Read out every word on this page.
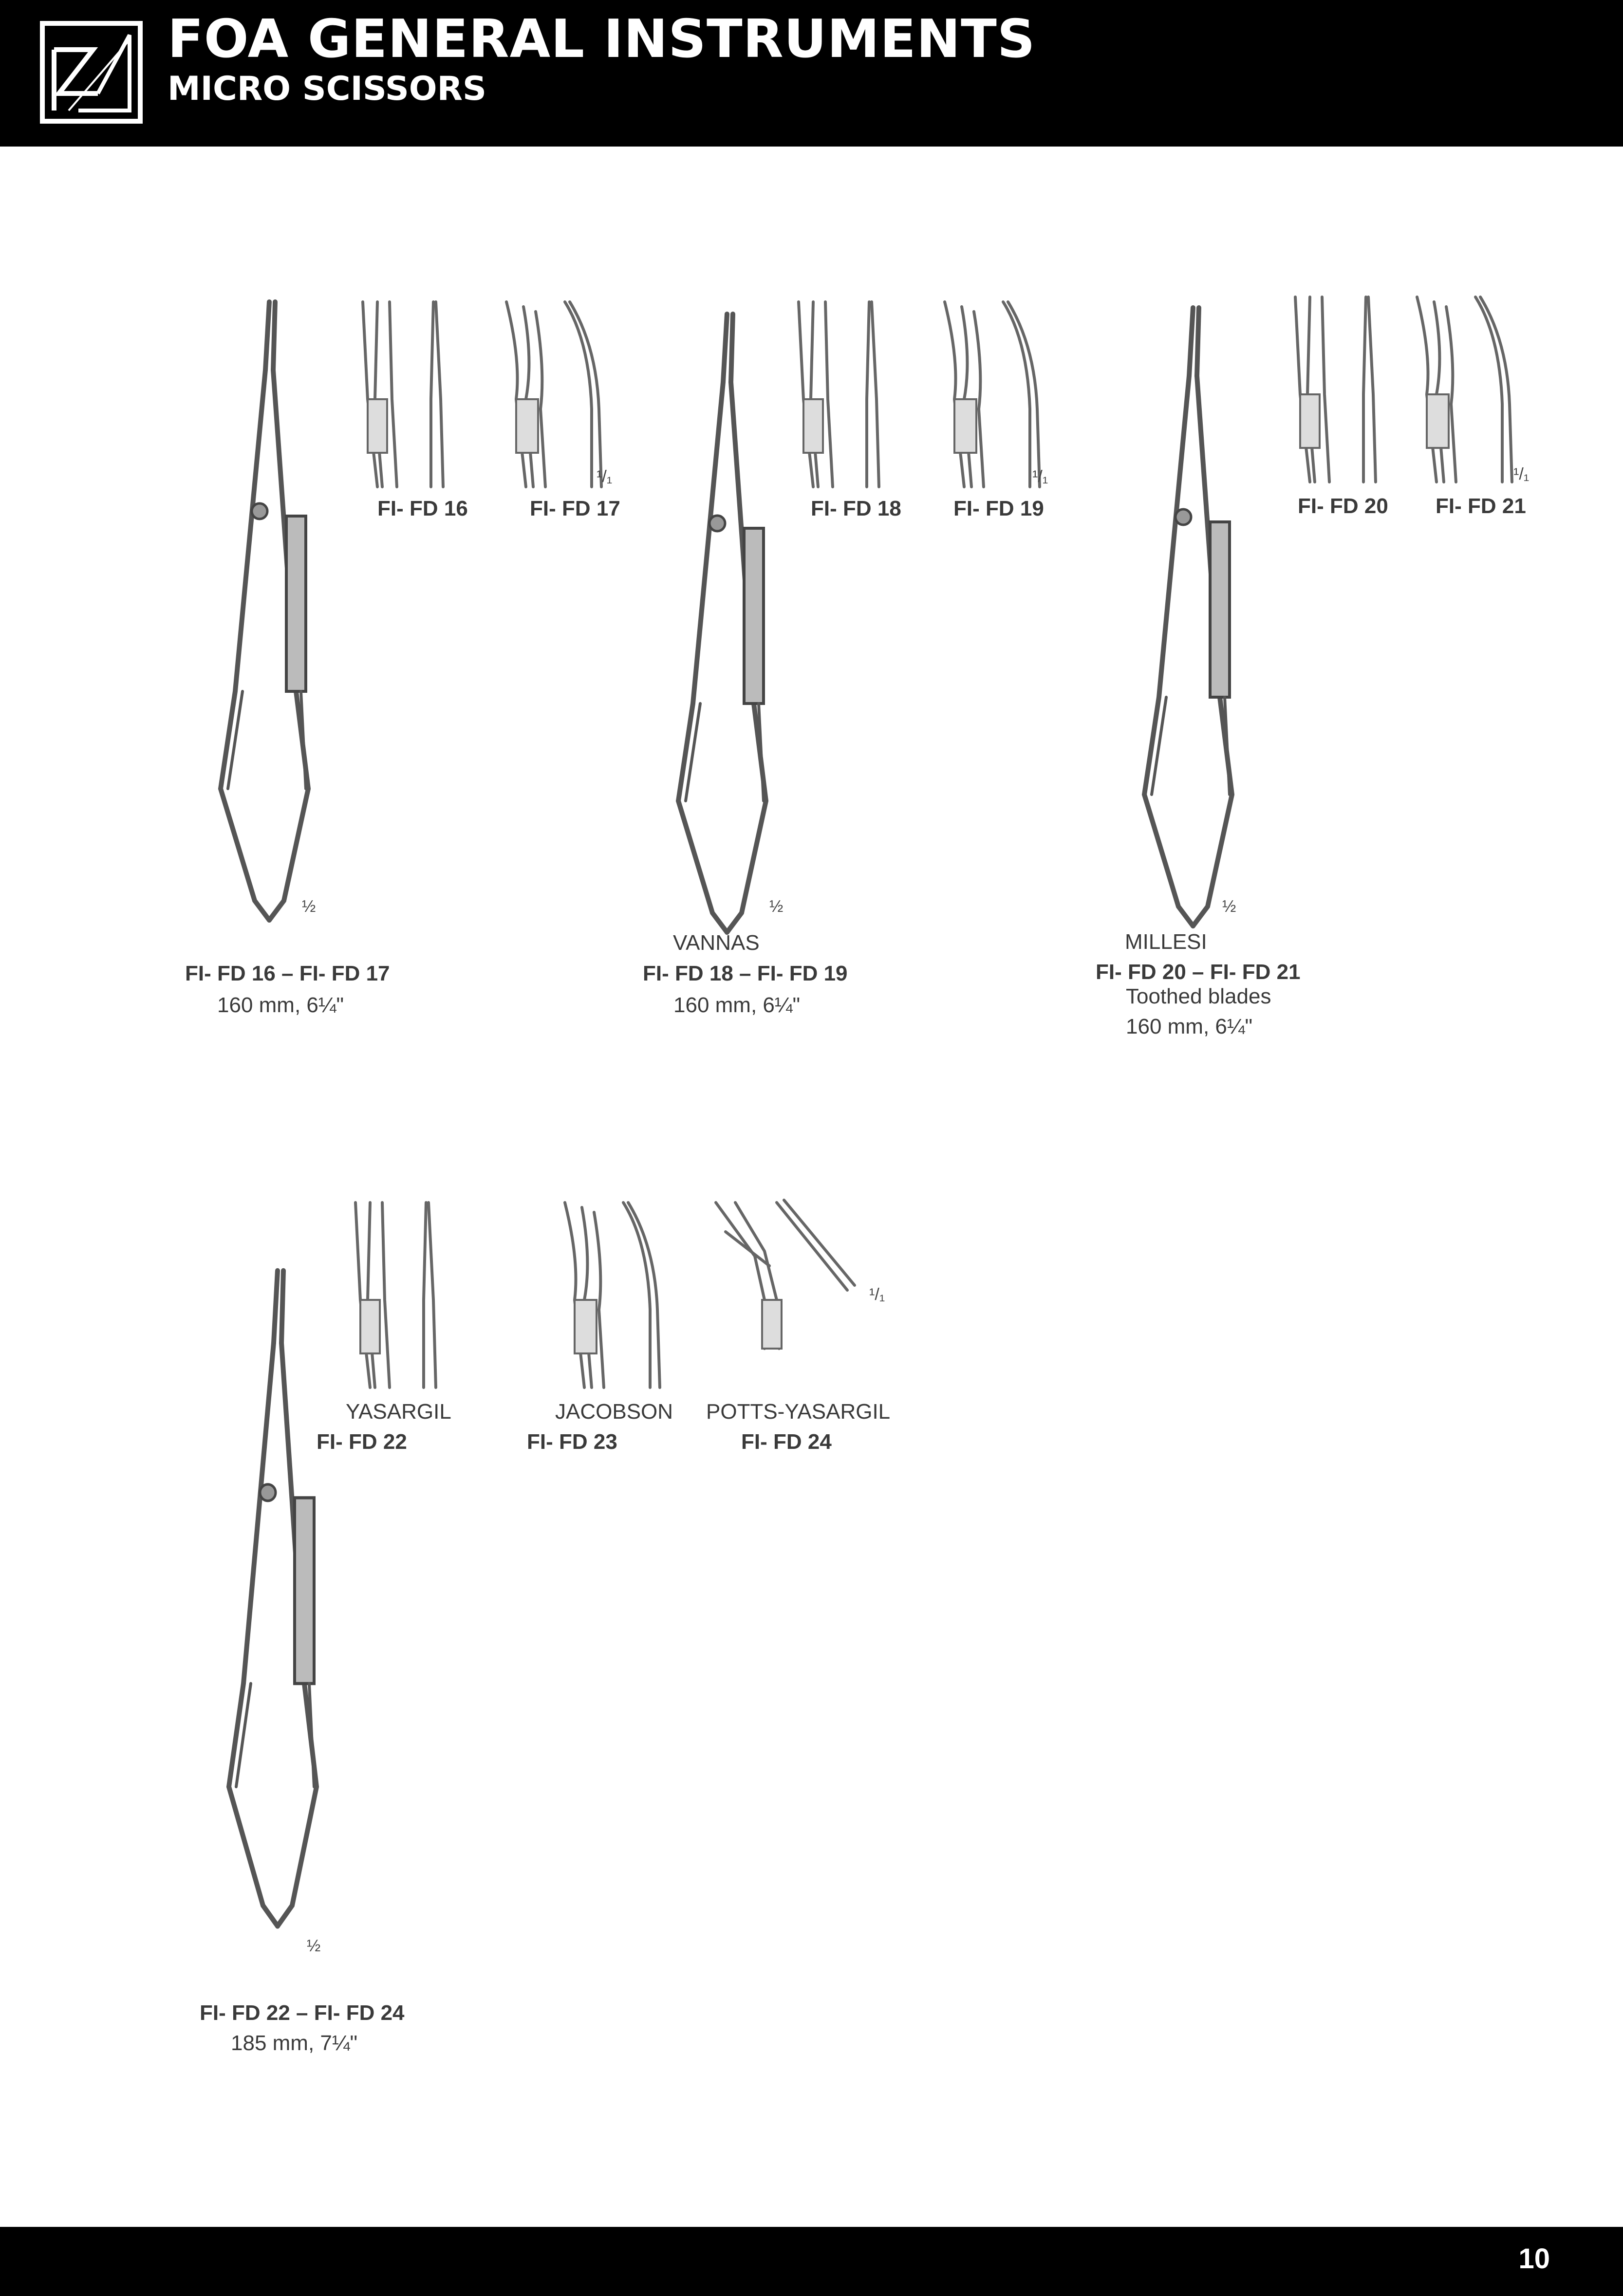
FOA GENERAL INSTRUMENTS
MICRO SCISSORS
FI- FD 16	FI- FD 17
¹/₁
½
FI- FD 16 – FI- FD 17
160 mm, 6¼"
FI- FD 18 FI- FD 19
¹/₁
½
VANNAS
FI- FD 18 – FI- FD 19
160 mm, 6¼"
FI- FD 20 FI- FD 21
¹/₁
½
MILLESI
FI- FD 20 – FI- FD 21
Toothed blades
160 mm, 6¼"
YASARGIL
FI- FD 22
JACOBSON
FI- FD 23
POTTS-YASARGIL
FI- FD 24
¹/₁
½
FI- FD 22 – FI- FD 24
185 mm, 7¼"
10
